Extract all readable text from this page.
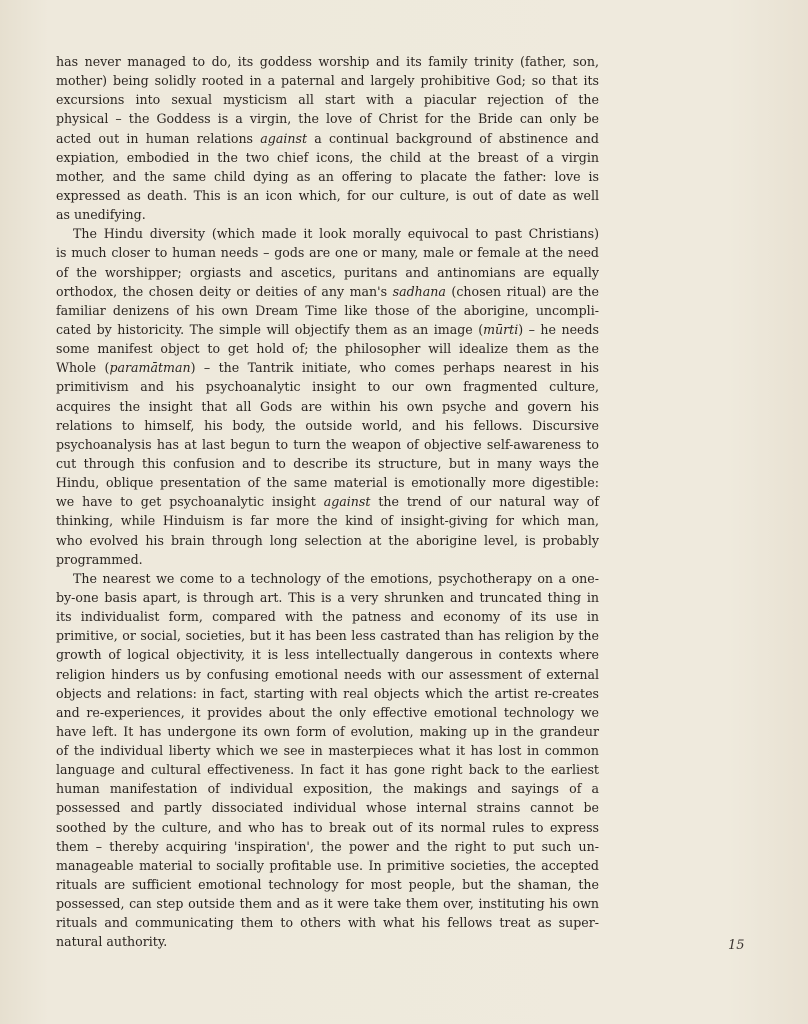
has never managed to do, its goddess worship and its family trinity (father, son,
mother) being solidly rooted in a paternal and largely prohibitive God; so that its
excursions into sexual mysticism all start with a piacular rejection of the
physical – the Goddess is a virgin, the love of Christ for the Bride can only be
acted out in human relations against a continual background of abstinence and
expiation, embodied in the two chief icons, the child at the breast of a virgin
mother, and the same child dying as an offering to placate the father: love is
expressed as death. This is an icon which, for our culture, is out of date as well
as unedifying.
The Hindu diversity (which made it look morally equivocal to past Christians)
is much closer to human needs – gods are one or many, male or female at the need
of the worshipper; orgiasts and ascetics, puritans and antinomians are equally
orthodox, the chosen deity or deities of any man's sadhana (chosen ritual) are the
familiar denizens of his own Dream Time like those of the aborigine, uncompli-
cated by historicity. The simple will objectify them as an image (mūrti) – he needs
some manifest object to get hold of; the philosopher will idealize them as the
Whole (paramātman) – the Tantrik initiate, who comes perhaps nearest in his
primitivism and his psychoanalytic insight to our own fragmented culture,
acquires the insight that all Gods are within his own psyche and govern his
relations to himself, his body, the outside world, and his fellows. Discursive
psychoanalysis has at last begun to turn the weapon of objective self-awareness to
cut through this confusion and to describe its structure, but in many ways the
Hindu, oblique presentation of the same material is emotionally more digestible:
we have to get psychoanalytic insight against the trend of our natural way of
thinking, while Hinduism is far more the kind of insight-giving for which man,
who evolved his brain through long selection at the aborigine level, is probably
programmed.
The nearest we come to a technology of the emotions, psychotherapy on a one-
by-one basis apart, is through art. This is a very shrunken and truncated thing in
its individualist form, compared with the patness and economy of its use in
primitive, or social, societies, but it has been less castrated than has religion by the
growth of logical objectivity, it is less intellectually dangerous in contexts where
religion hinders us by confusing emotional needs with our assessment of external
objects and relations: in fact, starting with real objects which the artist re-creates
and re-experiences, it provides about the only effective emotional technology we
have left. It has undergone its own form of evolution, making up in the grandeur
of the individual liberty which we see in masterpieces what it has lost in common
language and cultural effectiveness. In fact it has gone right back to the earliest
human manifestation of individual exposition, the makings and sayings of a
possessed and partly dissociated individual whose internal strains cannot be
soothed by the culture, and who has to break out of its normal rules to express
them – thereby acquiring 'inspiration', the power and the right to put such un-
manageable material to socially profitable use. In primitive societies, the accepted
rituals are sufficient emotional technology for most people, but the shaman, the
possessed, can step outside them and as it were take them over, instituting his own
rituals and communicating them to others with what his fellows treat as super-
natural authority.	15
